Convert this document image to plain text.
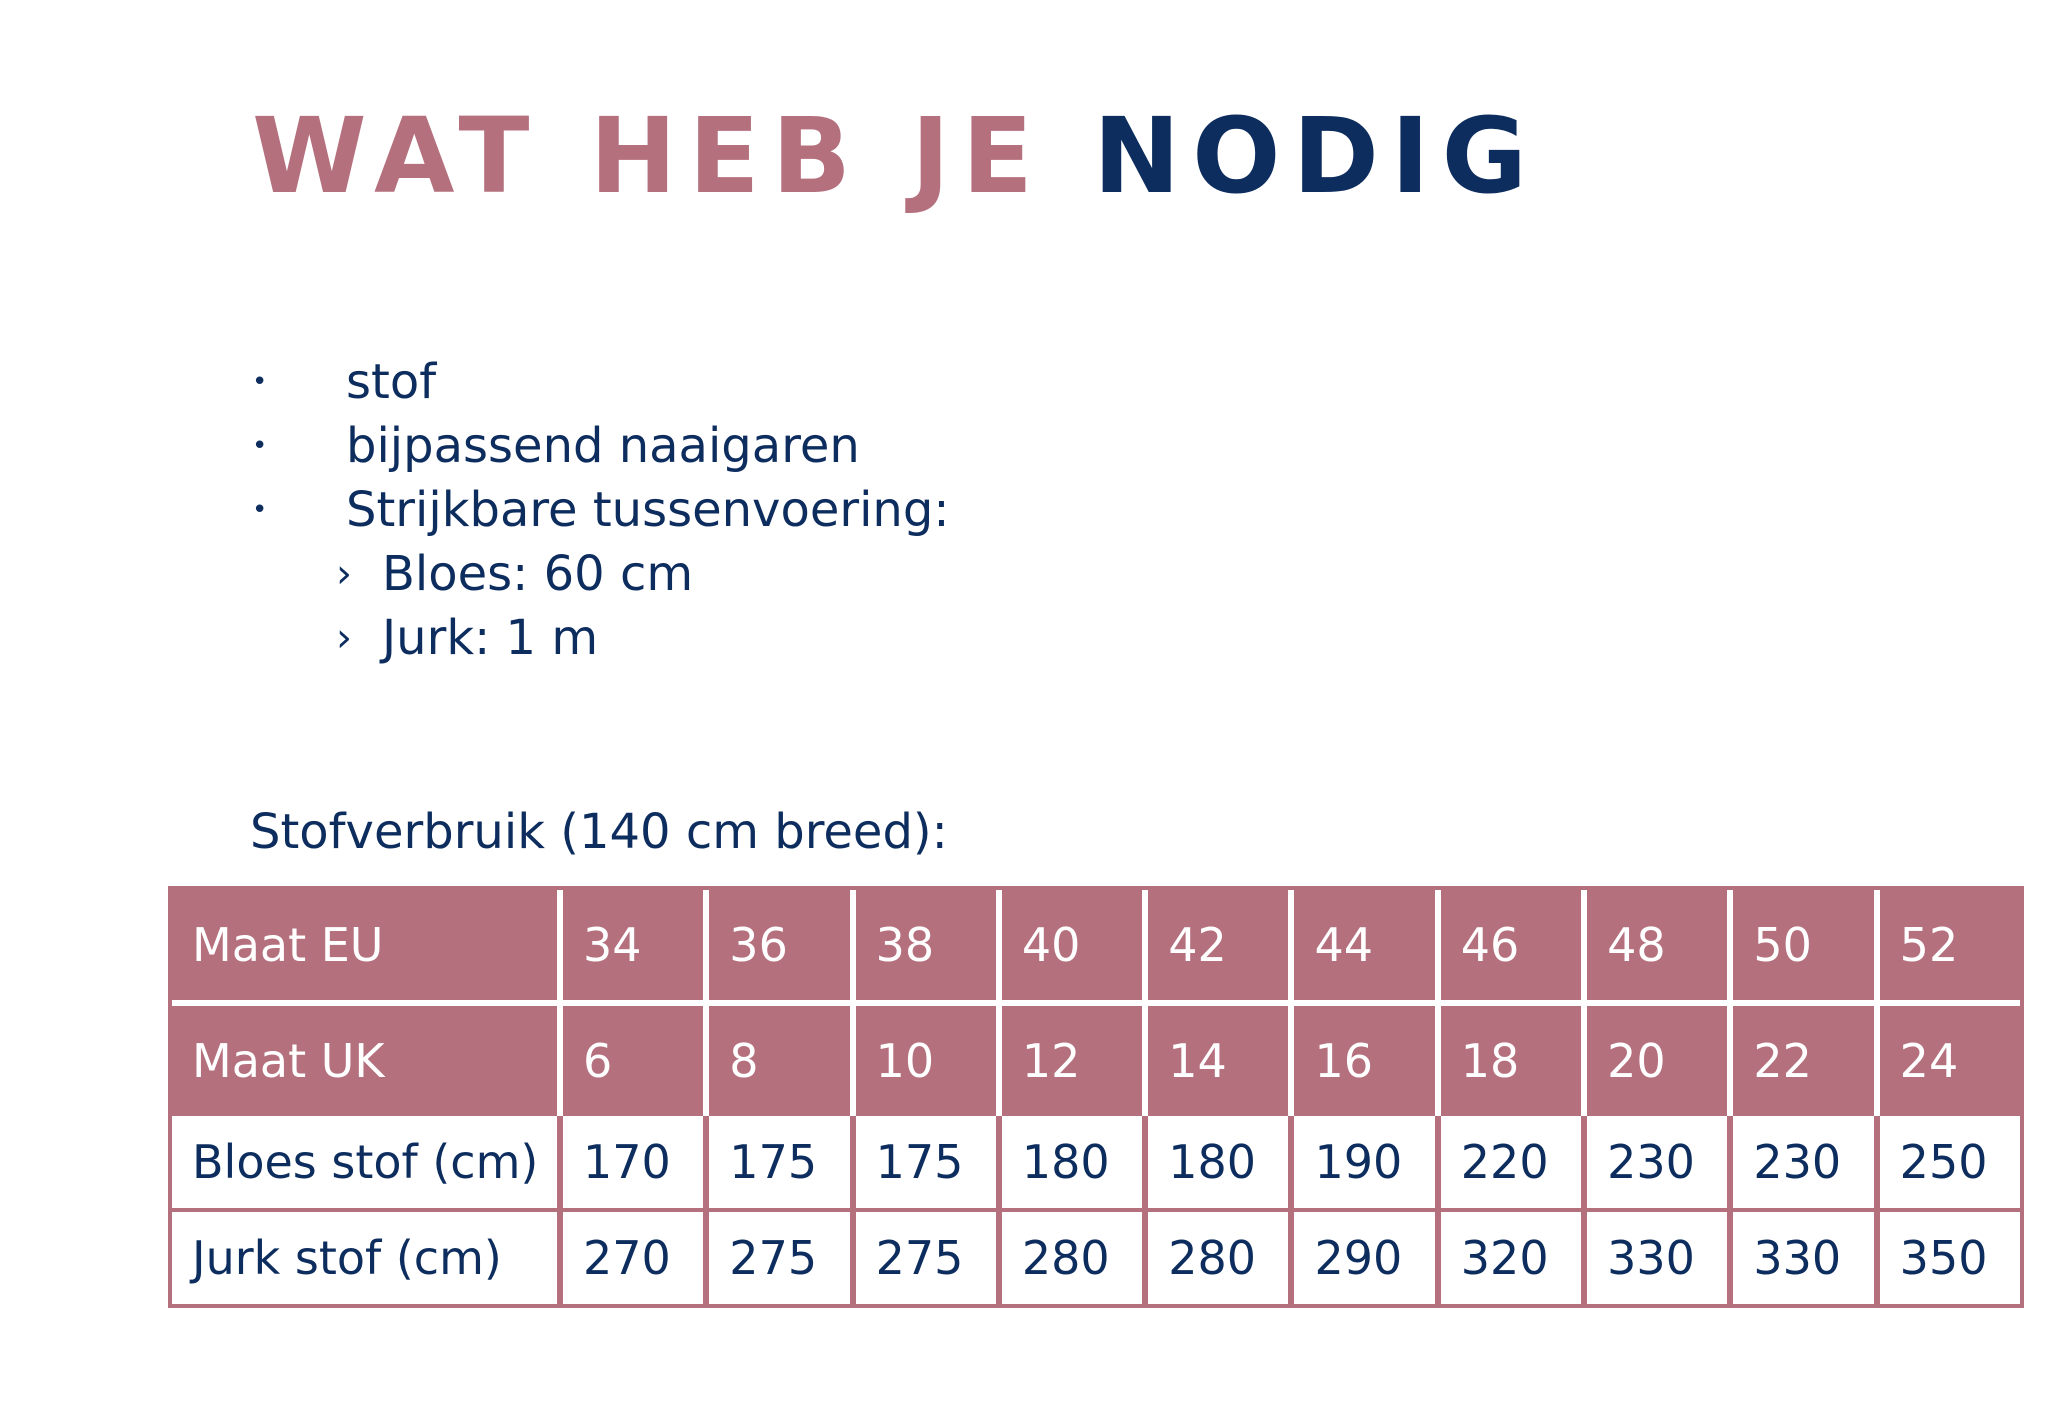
WAT HEB JE NODIG
• stof
• bijpassend naaigaren
• Strijkbare tussenvoering:
› Bloes: 60 cm
› Jurk: 1 m

Stofverbruik (140 cm breed):

Maat EU	34	36	38	40	42	44	46	48	50	52
Maat UK	6	8	10	12	14	16	18	20	22	24
Bloes stof (cm)	170	175	175	180	180	190	220	230	230	250
Jurk stof (cm)	270	275	275	280	280	290	320	330	330	350
